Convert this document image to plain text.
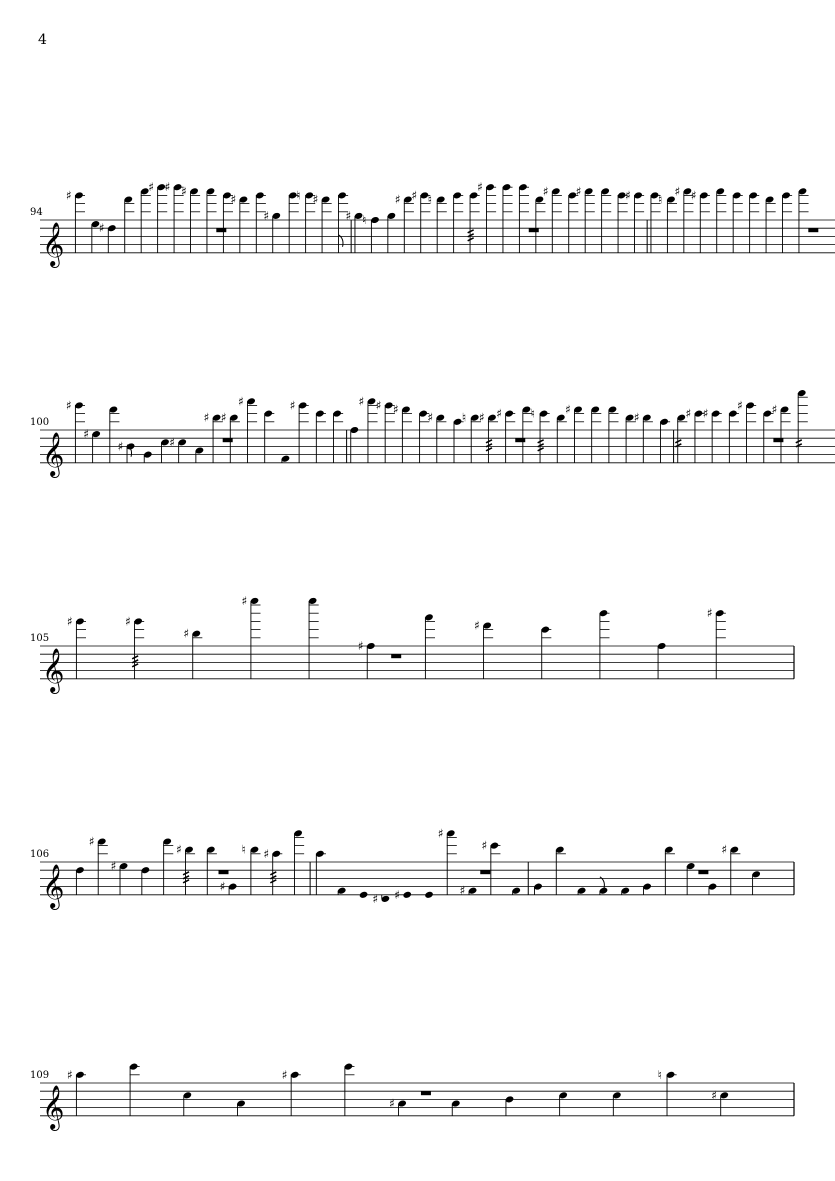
4
𝄞
94
♯
♯
♯ ♯ ♯
♯
♯
♮ ♯
♯ ♮
♯ ♯ ♮
♯	♯ ♯	♯ ♮
♯ ♯
𝄞
100
♯
♯
♯	♯
♯ ♯
♯	♯	♯ ♯ ♯
♯ ♮ ♯ ♯ ♮	♯
♯	♯ ♯
♯ ♯
𝄞
105
♯	♯
♯
♯
♯
♯
♯
𝄞
106
♯
♯
♯
♯
♮ ♯
♯ ♯
♯
♯
♯	♯
𝄞
109 ♯	♯
♯
♮
♯
